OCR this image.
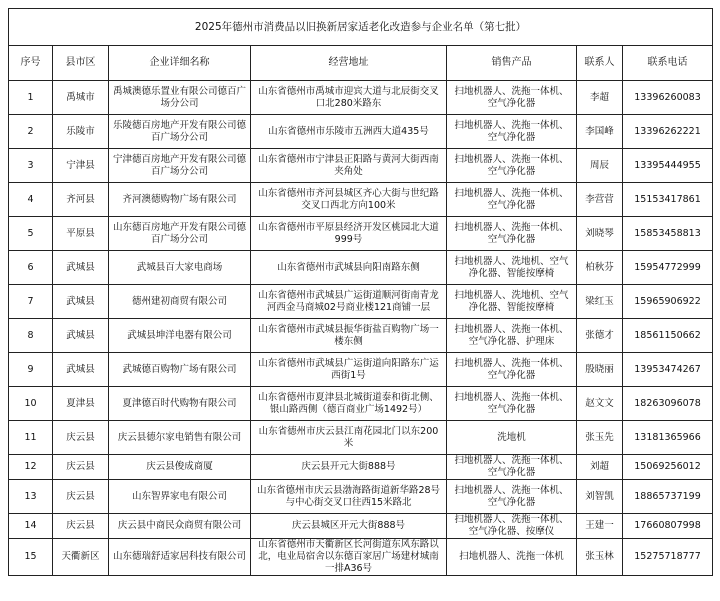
2025年德州市消费品以旧换新居家适老化改造参与企业名单（第七批）						
序号	县市区	企业详细名称	经营地址	销售产品	联系人	联系电话
1	禹城市	禹城澳德乐置业有限公司德百广场分公司	山东省德州市禹城市迎宾大道与北辰街交叉口北280米路东	扫地机器人、洗拖一体机、空气净化器	李超	13396260083
2	乐陵市	乐陵德百房地产开发有限公司德百广场分公司	山东省德州市乐陵市五洲西大道435号	扫地机器人、洗拖一体机、空气净化器	李国峰	13396262221
3	宁津县	宁津德百房地产开发有限公司德百广场分公司	山东省德州市宁津县正阳路与黄河大街西南夹角处	扫地机器人、洗拖一体机、空气净化器	周辰	13395444955
4	齐河县	齐河澳德购物广场有限公司	山东省德州市齐河县城区齐心大街与世纪路交叉口西北方向100米	扫地机器人、洗拖一体机、空气净化器	李营营	15153417861
5	平原县	山东德百房地产开发有限公司德百广场分公司	山东省德州市平原县经济开发区桃园北大道999号	扫地机器人、洗拖一体机、空气净化器	刘晓琴	15853458813
6	武城县	武城县百大家电商场	山东省德州市武城县向阳南路东侧	扫地机器人、洗地机、空气净化器、智能按摩椅	柏秋芬	15954772999
7	武城县	德州建初商贸有限公司	山东省德州市武城县广运街道顺河街南青龙河西金马商城02号商业楼121商铺一层	扫地机器人、洗地机、空气净化器、智能按摩椅	梁红玉	15965906922
8	武城县	武城县坤洋电器有限公司	山东省德州市武城县振华街盐百购物广场一楼东侧	扫地机器人、洗拖一体机、空气净化器、护理床	张德才	18561150662
9	武城县	武城德百购物广场有限公司	山东省德州市武城县广运街道向阳路东广运西街1号	扫地机器人、洗拖一体机、空气净化器	殷晓丽	13953474267
10	夏津县	夏津德百时代购物有限公司	山东省德州市夏津县北城街道泰和街北侧、银山路西侧（德百商业广场1492号）	扫地机器人、洗拖一体机、空气净化器	赵文文	18263096078
11	庆云县	庆云县德尔家电销售有限公司	山东省德州市庆云县江南花园北门以东200米	洗地机	张玉先	13181365966
12	庆云县	庆云县俊成商厦	庆云县开元大街888号	扫地机器人、洗拖一体机、空气净化器	刘超	15069256012
13	庆云县	山东智界家电有限公司	山东省德州市庆云县渤海路街道新华路28号与中心街交叉口往西15米路北	扫地机器人、洗拖一体机、空气净化器	刘智凯	18865737199
14	庆云县	庆云县中商民众商贸有限公司	庆云县城区开元大街888号	扫地机器人、洗拖一体机、空气净化器、按摩仪	王建一	17660807998
15	天衢新区	山东德瑞舒适家居科技有限公司	山东省德州市天衢新区长河街道东风东路以北，电业局宿舍以东德百家居广场建材城南一排A36号	扫地机器人、洗拖一体机	张玉林	15275718777
